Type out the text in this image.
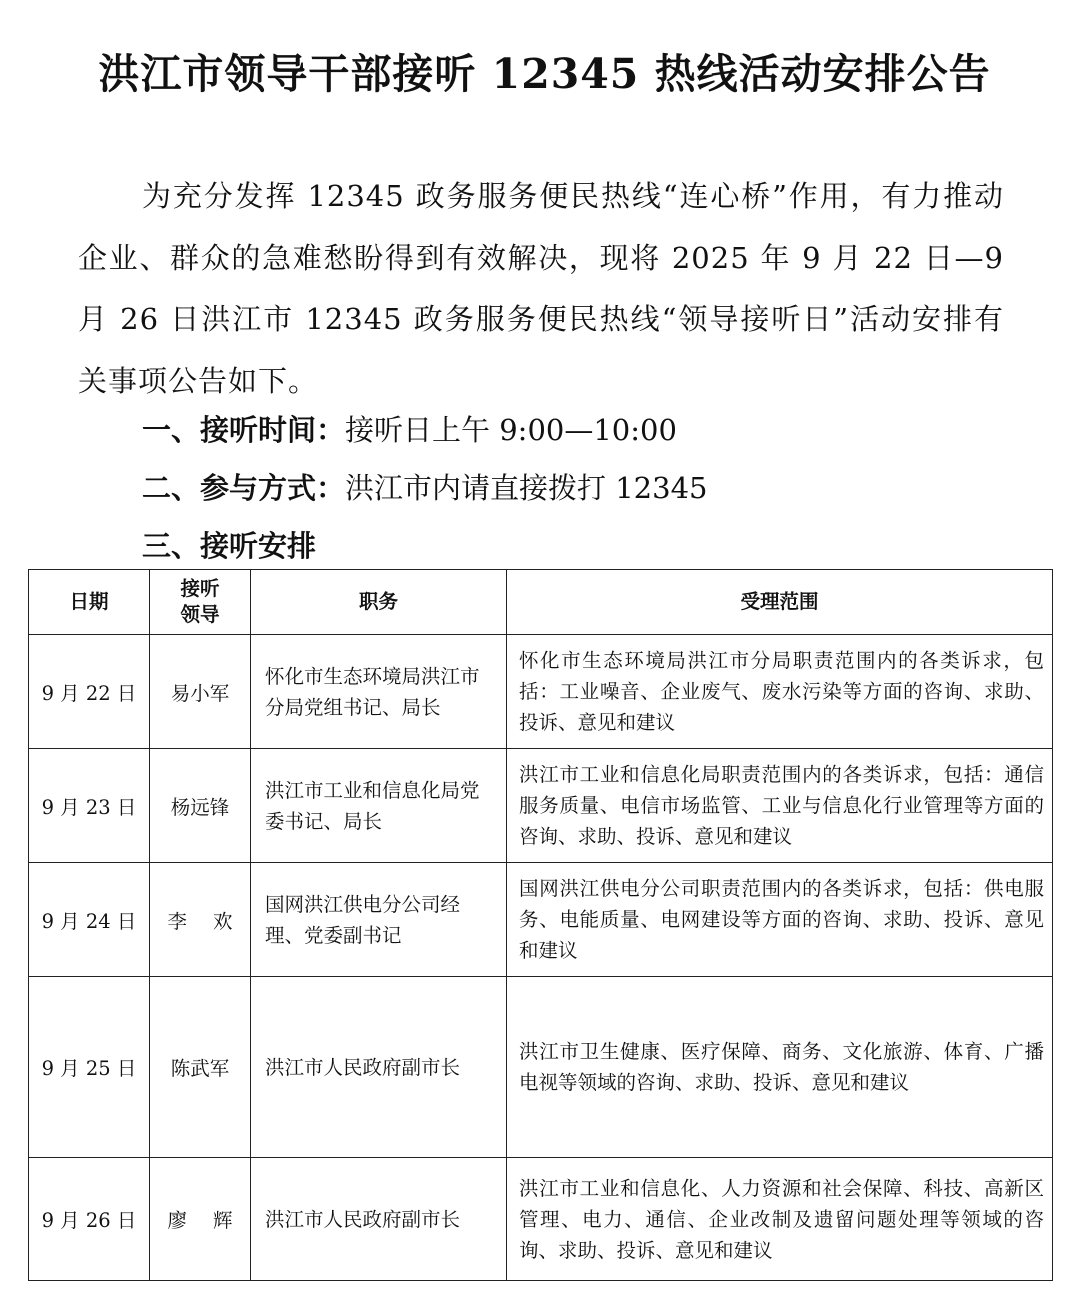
洪江市领导干部接听 12345 热线活动安排公告

为充分发挥 12345 政务服务便民热线“连心桥”作用，有力推动企业、群众的急难愁盼得到有效解决，现将 2025 年 9 月 22 日—9 月 26 日洪江市 12345 政务服务便民热线“领导接听日”活动安排有关事项公告如下。

一、接听时间：接听日上午 9:00—10:00
二、参与方式：洪江市内请直接拨打 12345
三、接听安排
日期	接听领导	职务	受理范围
9 月 22 日	易小军	怀化市生态环境局洪江市分局党组书记、局长	怀化市生态环境局洪江市分局职责范围内的各类诉求，包括：工业噪音、企业废气、废水污染等方面的咨询、求助、投诉、意见和建议
9 月 23 日	杨远锋	洪江市工业和信息化局党委书记、局长	洪江市工业和信息化局职责范围内的各类诉求，包括：通信服务质量、电信市场监管、工业与信息化行业管理等方面的咨询、求助、投诉、意见和建议
9 月 24 日	李欢	国网洪江供电分公司经理、党委副书记	国网洪江供电分公司职责范围内的各类诉求，包括：供电服务、电能质量、电网建设等方面的咨询、求助、投诉、意见和建议
9 月 25 日	陈武军	洪江市人民政府副市长	洪江市卫生健康、医疗保障、商务、文化旅游、体育、广播电视等领域的咨询、求助、投诉、意见和建议
9 月 26 日	廖辉	洪江市人民政府副市长	洪江市工业和信息化、人力资源和社会保障、科技、高新区管理、电力、通信、企业改制及遗留问题处理等领域的咨询、求助、投诉、意见和建议
